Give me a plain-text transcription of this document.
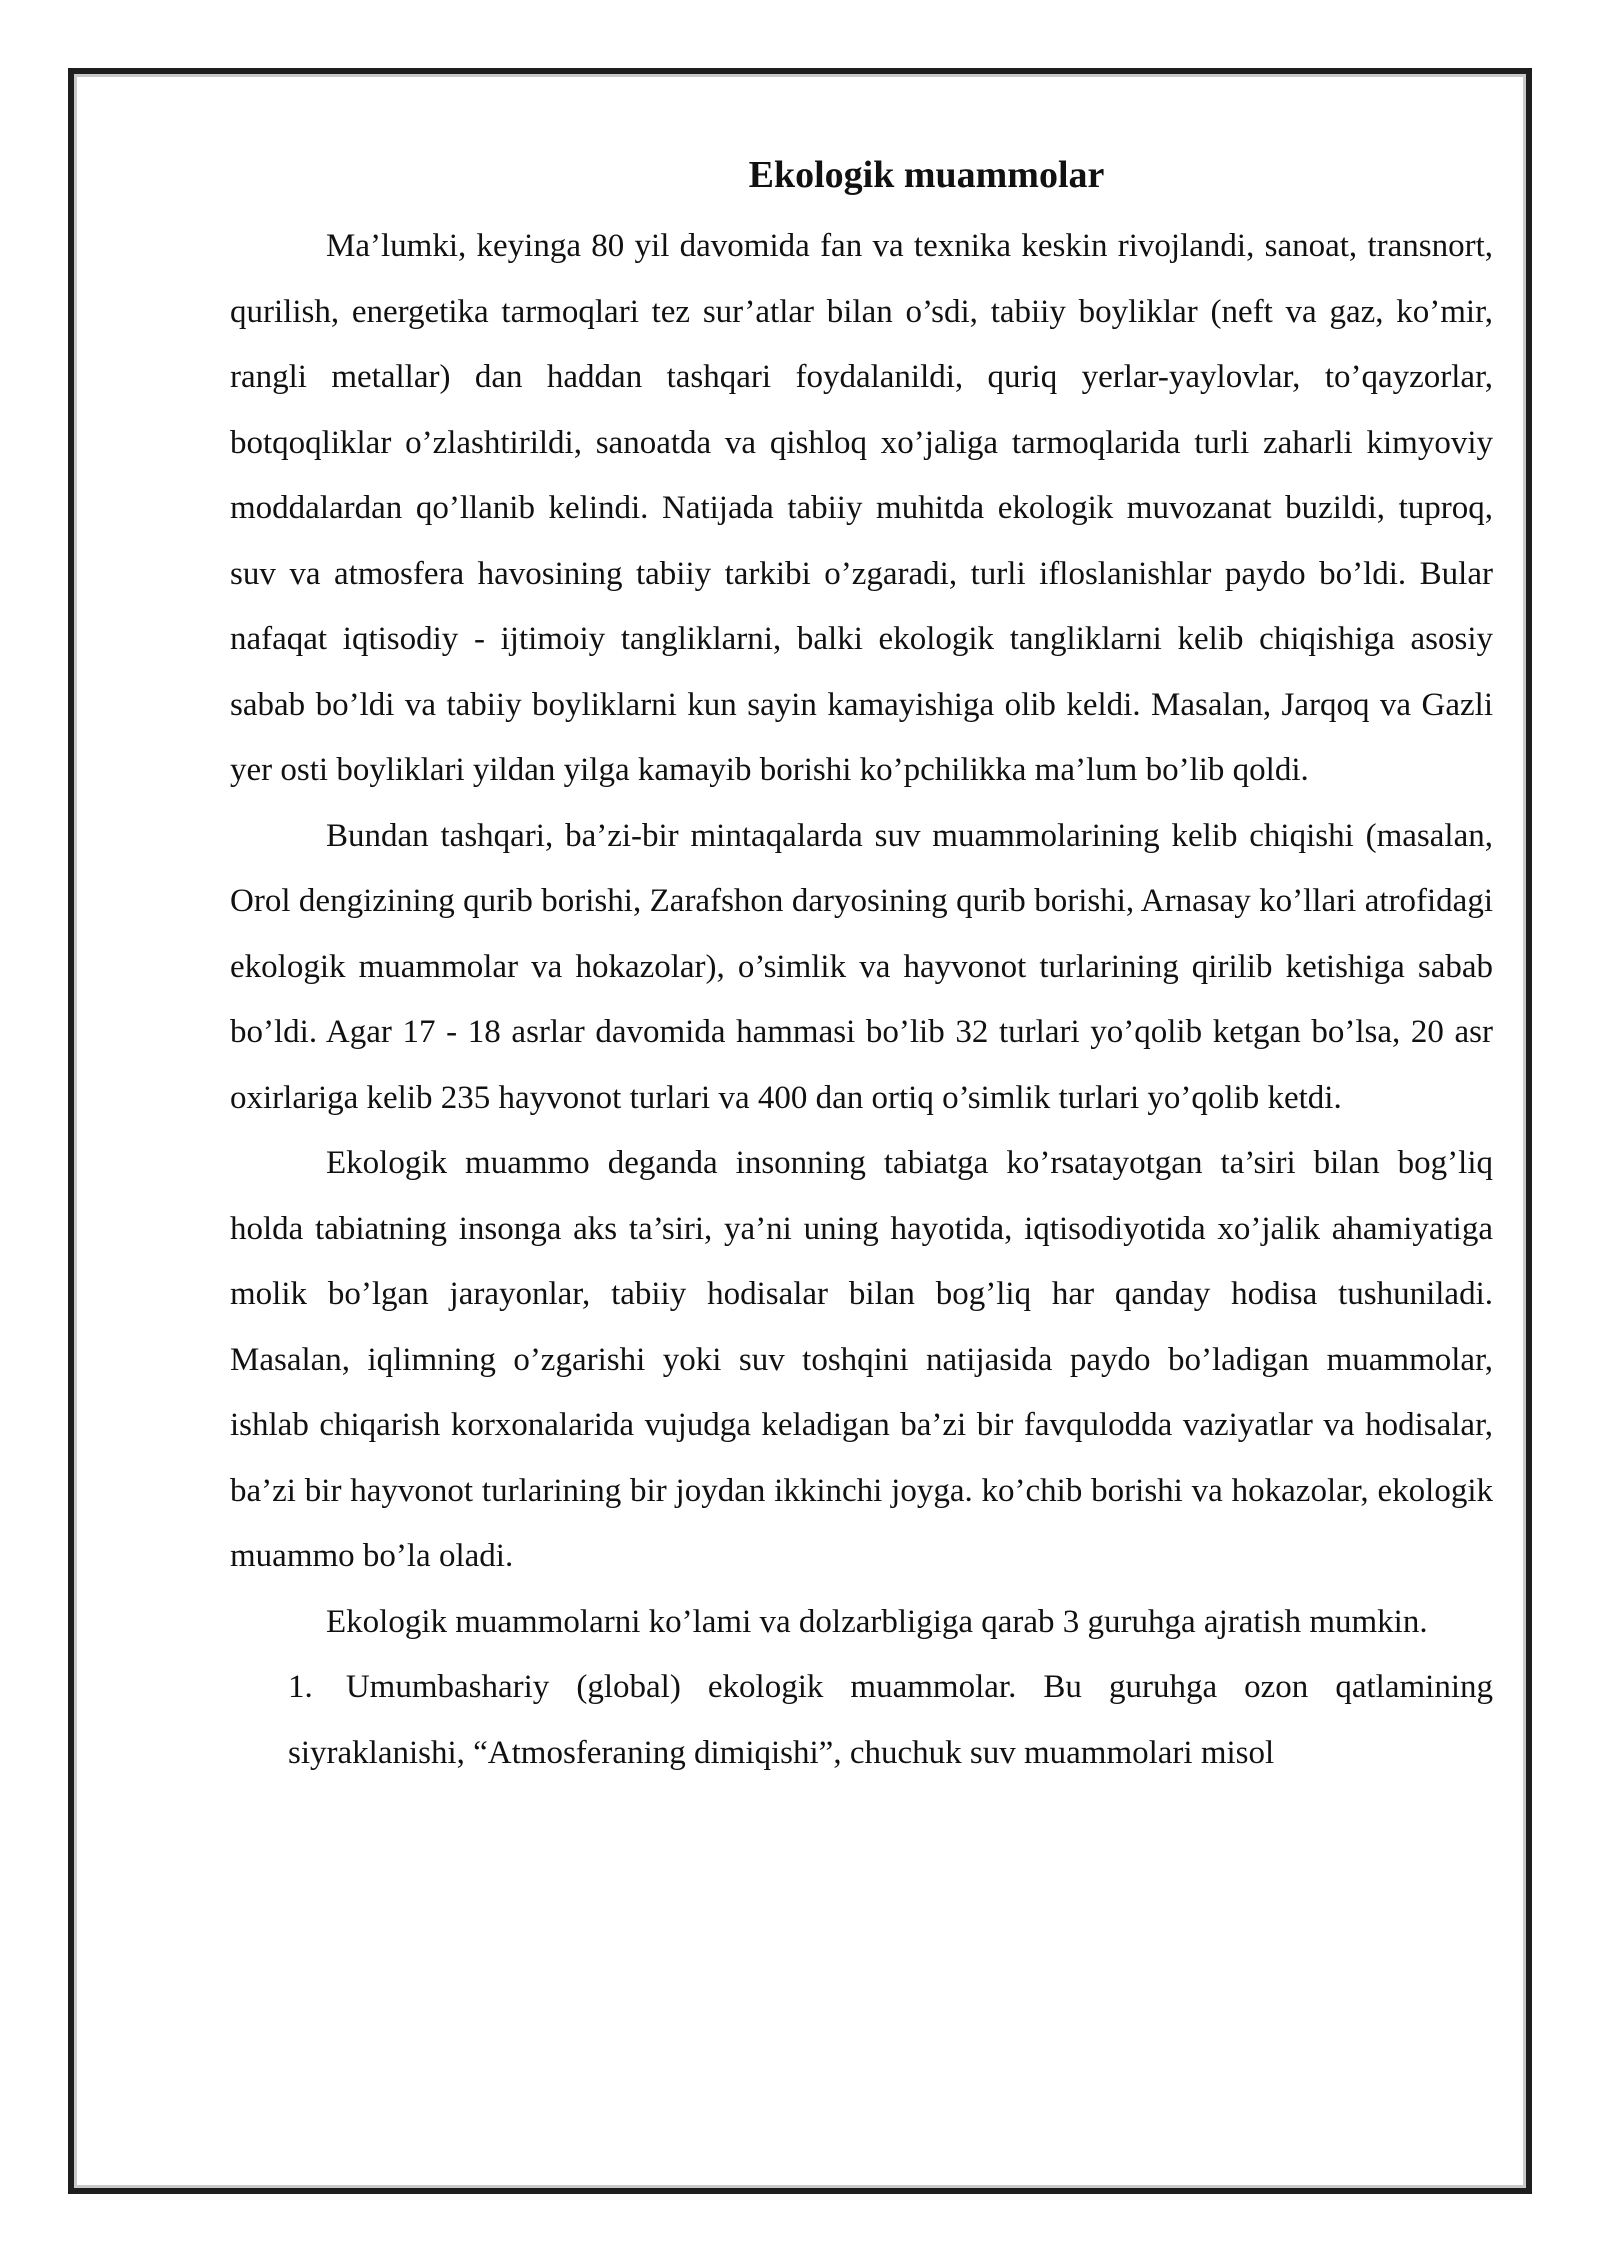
Ekologik muammolar

Ma’lumki, keyinga 80 yil davomida fan va texnika keskin rivojlandi, sanoat, transnort, qurilish, energetika tarmoqlari tez sur’atlar bilan o’sdi, tabiiy boyliklar (neft va gaz, ko’mir, rangli metallar) dan haddan tashqari foydalanildi, quriq yerlar-yaylovlar, to’qayzorlar, botqoqliklar o’zlashtirildi, sanoatda va qishloq xo’jaliga tarmoqlarida turli zaharli kimyoviy moddalardan qo’llanib kelindi. Natijada tabiiy muhitda ekologik muvozanat buzildi, tuproq, suv va atmosfera havosining tabiiy tarkibi o’zgaradi, turli ifloslanishlar paydo bo’ldi. Bular nafaqat iqtisodiy - ijtimoiy tangliklarni, balki ekologik tangliklarni kelib chiqishiga asosiy sabab bo’ldi va tabiiy boyliklarni kun sayin kamayishiga olib keldi. Masalan, Jarqoq va Gazli yer osti boyliklari yildan yilga kamayib borishi ko’pchilikka ma’lum bo’lib qoldi.

Bundan tashqari, ba’zi-bir mintaqalarda suv muammolarining kelib chiqishi (masalan, Orol dengizining qurib borishi, Zarafshon daryosining qurib borishi, Arnasay ko’llari atrofidagi ekologik muammolar va hokazolar), o’simlik va hayvonot turlarining qirilib ketishiga sabab bo’ldi. Agar 17 - 18 asrlar davomida hammasi bo’lib 32 turlari yo’qolib ketgan bo’lsa, 20 asr oxirlariga kelib 235 hayvonot turlari va 400 dan ortiq o’simlik turlari yo’qolib ketdi.

Ekologik muammo deganda insonning tabiatga ko’rsatayotgan ta’siri bilan bog’liq holda tabiatning insonga aks ta’siri, ya’ni uning hayotida, iqtisodiyotida xo’jalik ahamiyatiga molik bo’lgan jarayonlar, tabiiy hodisalar bilan bog’liq har qanday hodisa tushuniladi. Masalan, iqlimning o’zgarishi yoki suv toshqini natijasida paydo bo’ladigan muammolar, ishlab chiqarish korxonalarida vujudga keladigan ba’zi bir favqulodda vaziyatlar va hodisalar, ba’zi bir hayvonot turlarining bir joydan ikkinchi joyga. ko’chib borishi va hokazolar, ekologik muammo bo’la oladi.

Ekologik muammolarni ko’lami va dolzarbligiga qarab 3 guruhga ajratish mumkin.

1. Umumbashariy (global) ekologik muammolar. Bu guruhga ozon qatlamining siyraklanishi, “Atmosferaning dimiqishi”, chuchuk suv muammolari misol
